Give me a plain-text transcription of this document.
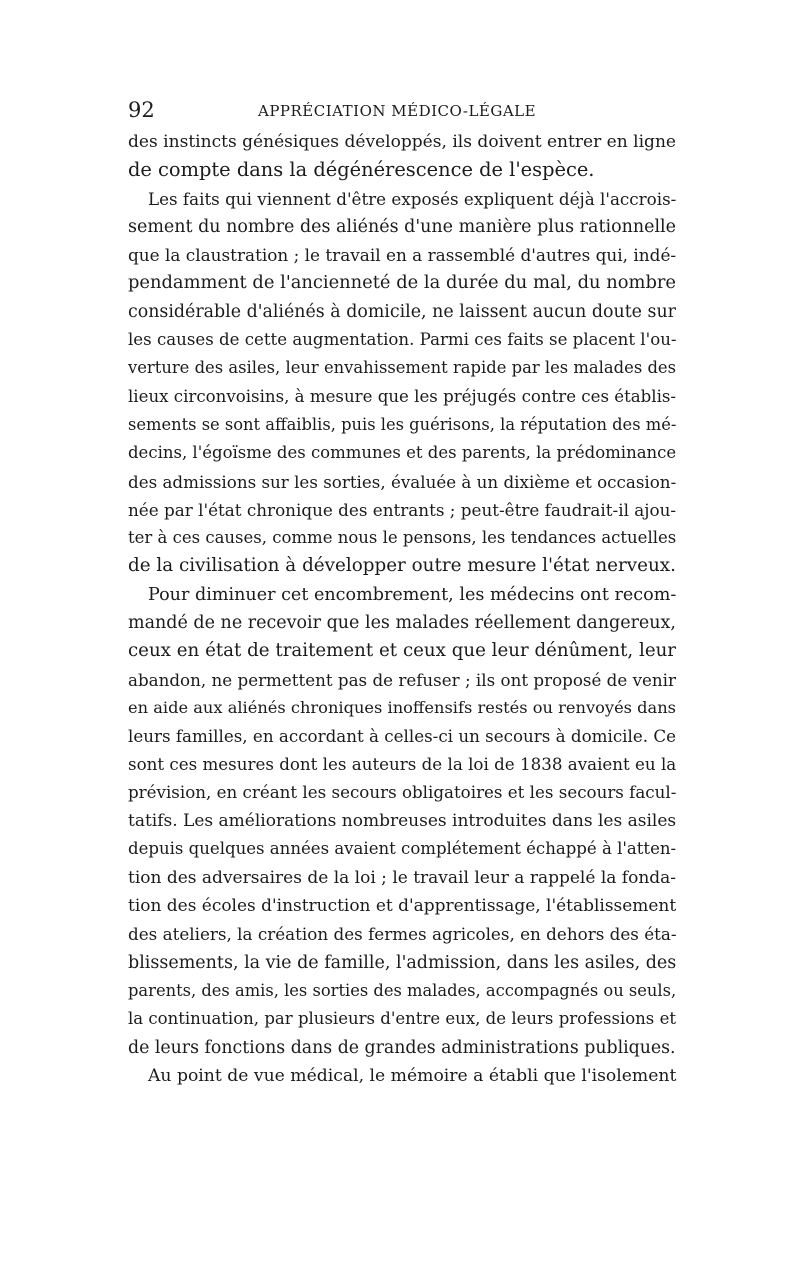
92	APPRÉCIATION MÉDICO-LÉGALE
des instincts génésiques développés, ils doivent entrer en ligne
de compte dans la dégénérescence de l'espèce.
Les faits qui viennent d'être exposés expliquent déjà l'accrois-
sement du nombre des aliénés d'une manière plus rationnelle
que la claustration ; le travail en a rassemblé d'autres qui, indé-
pendamment de l'ancienneté de la durée du mal, du nombre
considérable d'aliénés à domicile, ne laissent aucun doute sur
les causes de cette augmentation. Parmi ces faits se placent l'ou-
verture des asiles, leur envahissement rapide par les malades des
lieux circonvoisins, à mesure que les préjugés contre ces établis-
sements se sont affaiblis, puis les guérisons, la réputation des mé-
decins, l'égoïsme des communes et des parents, la prédominance
des admissions sur les sorties, évaluée à un dixième et occasion-
née par l'état chronique des entrants ; peut-être faudrait-il ajou-
ter à ces causes, comme nous le pensons, les tendances actuelles
de la civilisation à développer outre mesure l'état nerveux.
Pour diminuer cet encombrement, les médecins ont recom-
mandé de ne recevoir que les malades réellement dangereux,
ceux en état de traitement et ceux que leur dénûment, leur
abandon, ne permettent pas de refuser ; ils ont proposé de venir
en aide aux aliénés chroniques inoffensifs restés ou renvoyés dans
leurs familles, en accordant à celles-ci un secours à domicile. Ce
sont ces mesures dont les auteurs de la loi de 1838 avaient eu la
prévision, en créant les secours obligatoires et les secours facul-
tatifs. Les améliorations nombreuses introduites dans les asiles
depuis quelques années avaient complétement échappé à l'atten-
tion des adversaires de la loi ; le travail leur a rappelé la fonda-
tion des écoles d'instruction et d'apprentissage, l'établissement
des ateliers, la création des fermes agricoles, en dehors des éta-
blissements, la vie de famille, l'admission, dans les asiles, des
parents, des amis, les sorties des malades, accompagnés ou seuls,
la continuation, par plusieurs d'entre eux, de leurs professions et
de leurs fonctions dans de grandes administrations publiques.
Au point de vue médical, le mémoire a établi que l'isolement
